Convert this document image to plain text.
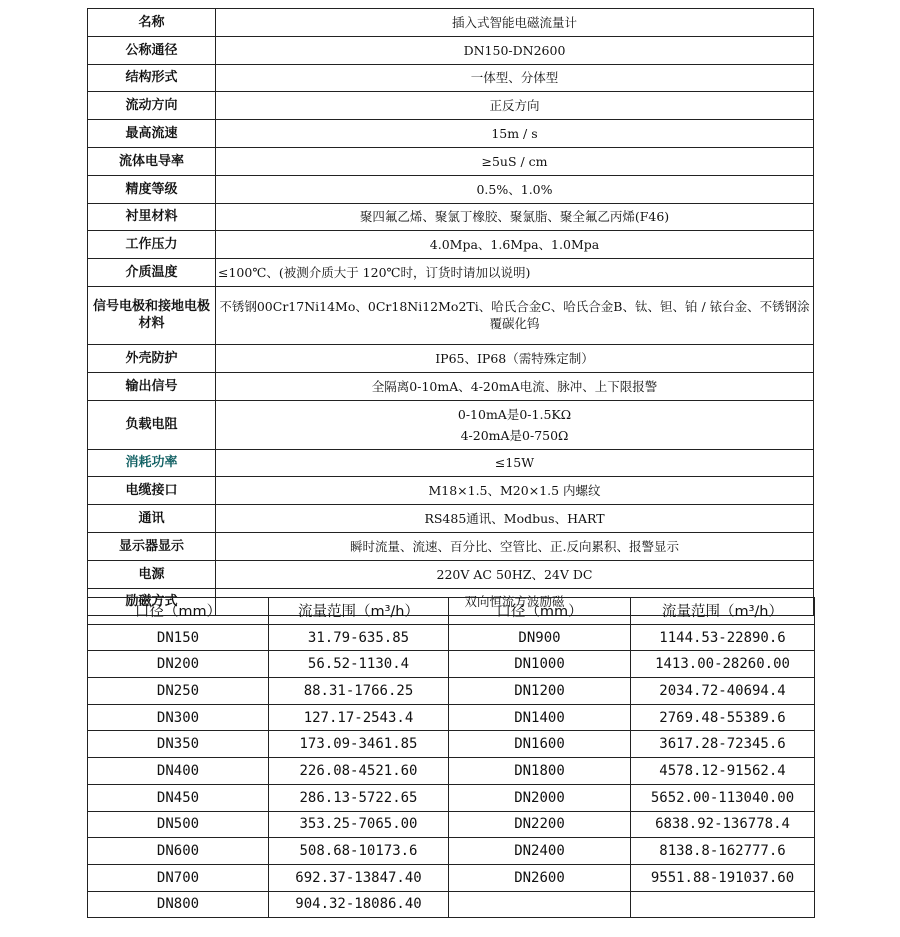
名称	插入式智能电磁流量计
公称通径	DN150-DN2600
结构形式	一体型、分体型
流动方向	正反方向
最高流速	15m / s
流体电导率	≥5uS / cm
精度等级	0.5%、1.0%
衬里材料	聚四氟乙烯、聚氯丁橡胶、聚氯脂、聚全氟乙丙烯(F46)
工作压力	4.0Mpa、1.6Mpa、1.0Mpa
介质温度	≤100℃、(被测介质大于 120℃时，订货时请加以说明)
信号电极和接地电极材料	不锈钢00Cr17Ni14Mo、0Cr18Ni12Mo2Ti、哈氏合金C、哈氏合金B、钛、钽、铂 / 铱台金、不锈钢涂覆碳化钨
外壳防护	IP65、IP68（需特殊定制）
输出信号	全隔离0-10mA、4-20mA电流、脉冲、上下限报警
负载电阻	0-10mA是0-1.5KΩ
4-20mA是0-750Ω

消耗功率	≤15W
电缆接口	M18×1.5、M20×1.5 内螺纹
通讯	RS485通讯、Modbus、HART
显示器显示	瞬时流量、流速、百分比、空管比、正.反向累积、报警显示
电源	220V AC 50HZ、24V DC
励磁方式	双向恒流方波励磁
口径（mm）	流量范围（m³/h）	口径（mm）	流量范围（m³/h）
DN150	31.79-635.85	DN900	1144.53-22890.6
DN200	56.52-1130.4	DN1000	1413.00-28260.00
DN250	88.31-1766.25	DN1200	2034.72-40694.4
DN300	127.17-2543.4	DN1400	2769.48-55389.6
DN350	173.09-3461.85	DN1600	3617.28-72345.6
DN400	226.08-4521.60	DN1800	4578.12-91562.4
DN450	286.13-5722.65	DN2000	5652.00-113040.00
DN500	353.25-7065.00	DN2200	6838.92-136778.4
DN600	508.68-10173.6	DN2400	8138.8-162777.6
DN700	692.37-13847.40	DN2600	9551.88-191037.60
DN800	904.32-18086.40		
